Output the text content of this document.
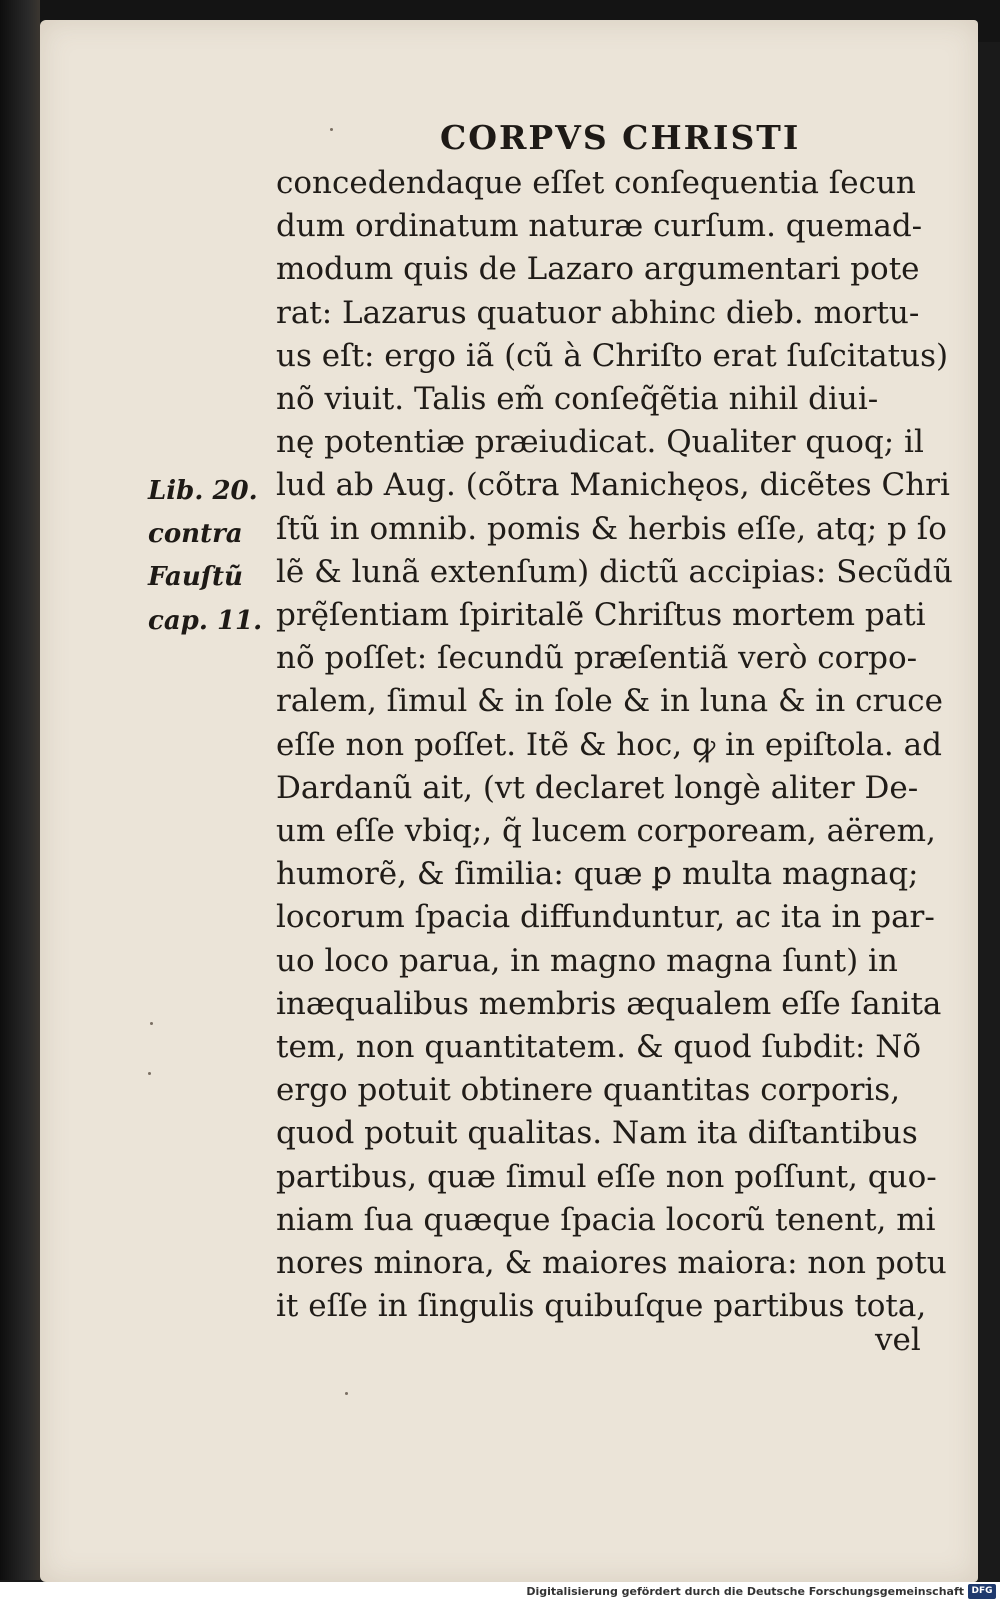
CORPVS CHRISTI
Lib. 20.
contra
Fauſtũ
cap. 11.
concedendaque eſſet conſequentia ſecun
dum ordinatum naturæ curſum. quemad-
modum quis de Lazaro argumentari pote
rat: Lazarus quatuor abhinc dieb. mortu-
us eſt: ergo iã (cũ à Chriſto erat ſuſcitatus)
nõ viuit. Talis em̃ conſeq̃ẽtia nihil diui-
nę potentiæ præiudicat. Qualiter quoq; il
lud ab Aug. (cõtra Manichęos, dicẽtes Chri
ſtũ in omnib. pomis & herbis eſſe, atq; p ſo
lẽ & lunã extenſum) dictũ accipias: Secũdũ
prę̃ſentiam ſpiritalẽ Chriſtus mortem pati
nõ poſſet: ſecundũ præſentiã verò corpo-
ralem, ſimul & in ſole & in luna & in cruce
eſſe non poſſet. Itẽ & hoc, ꝙ in epiſtola. ad
Dardanũ ait, (vt declaret longè aliter De-
um eſſe vbiq;, q̃ lucem corpoream, aërem,
humorẽ, & ſimilia: quæ ꝑ multa magnaq;
locorum ſpacia diffunduntur, ac ita in par-
uo loco parua, in magno magna ſunt) in
inæqualibus membris æqualem eſſe ſanita
tem, non quantitatem. & quod ſubdit: Nõ
ergo potuit obtinere quantitas corporis,
quod potuit qualitas. Nam ita diſtantibus
partibus, quæ ſimul eſſe non poſſunt, quo-
niam ſua quæque ſpacia locorũ tenent, mi
nores minora, & maiores maiora: non potu
it eſſe in ſingulis quibuſque partibus tota,
vel
Digitalisierung gefördert durch die Deutsche Forschungsgemeinschaft DFG
